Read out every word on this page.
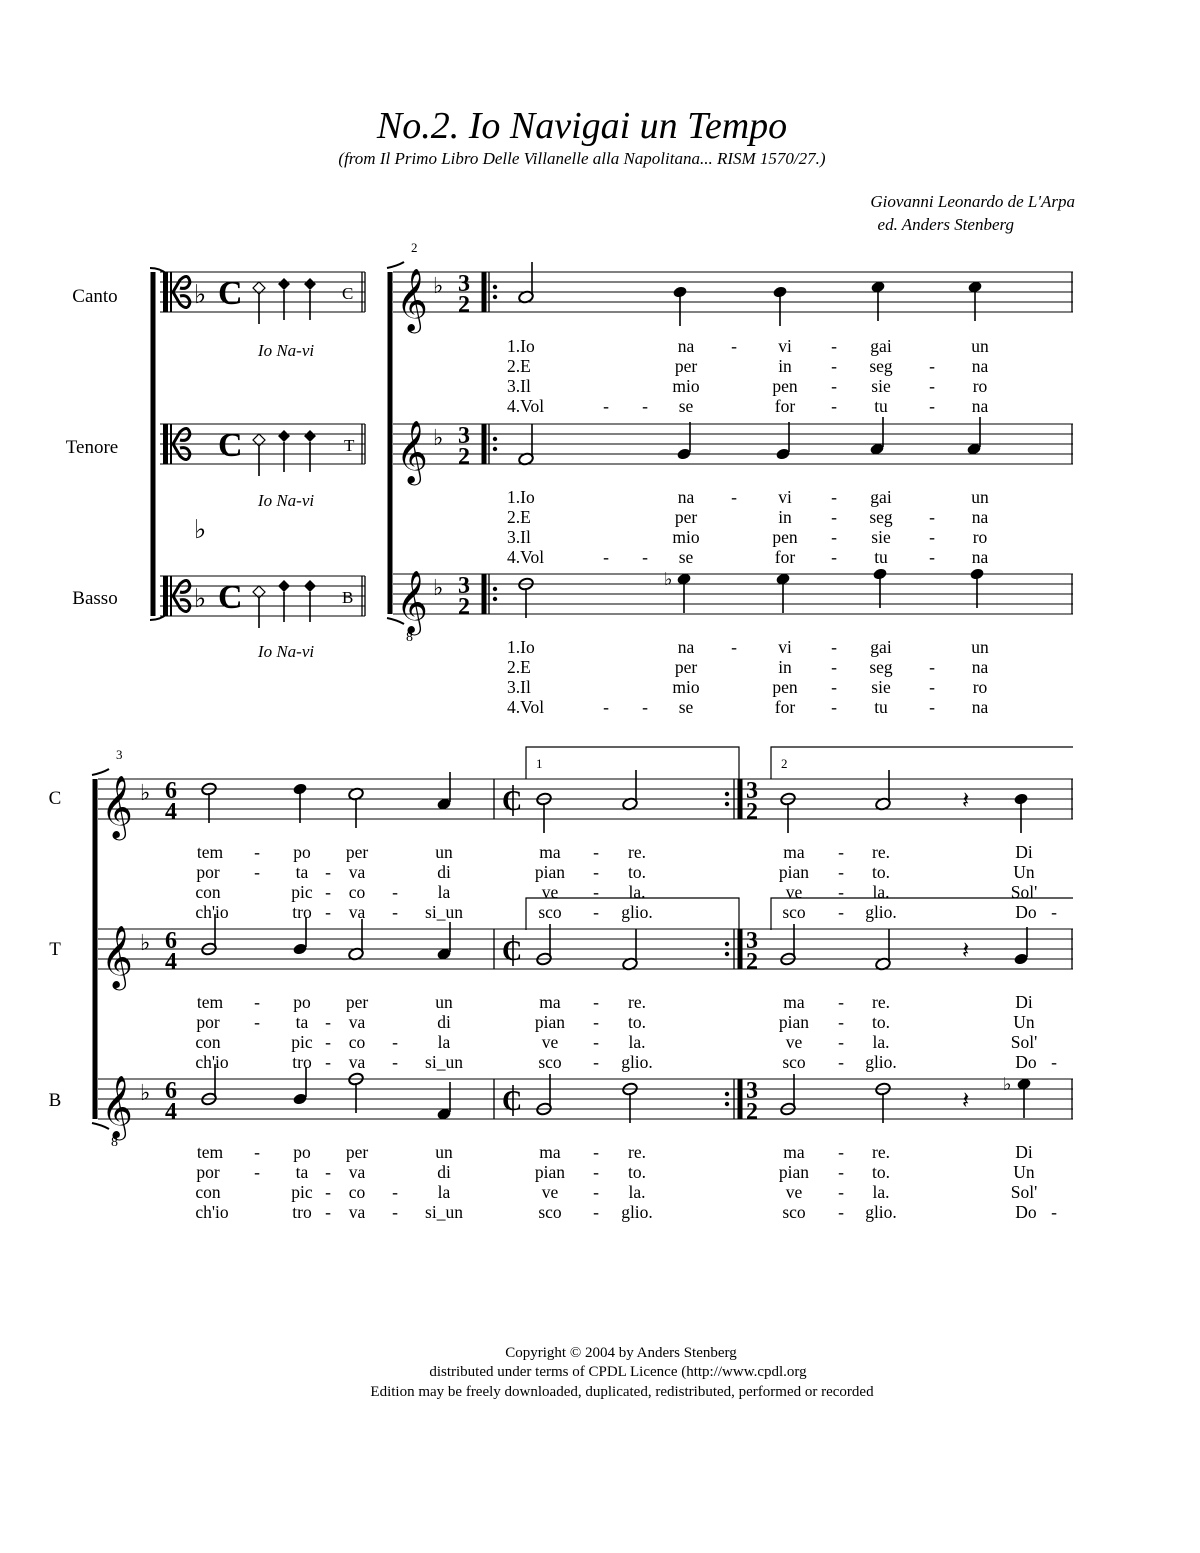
No.2. Io Navigai un Tempo
(from Il Primo Libro Delle Villanelle alla Napolitana... RISM 1570/27.)
Giovanni Leonardo de L'Arpa
ed. Anders Stenberg
Canto
Tenore
Basso
♭
♭
♭
C
C
C
C
T
B
Io Na-vi
Io Na-vi
Io Na-vi
2
𝄞
𝄞
𝄞
8
♭
♭
♭
3
2
3
2
3
2
♭
1.Io	na - vi - gai	un
2.E	per	in - seg - na
3.Il	mio	pen - sie - ro
4.Vol	- - se	for - tu - na
1.Io	na - vi - gai	un
2.E	per	in - seg - na
3.Il	mio	pen - sie - ro
4.Vol	- - se	for - tu - na
1.Io	na - vi - gai	un
2.E	per	in - seg - na
3.Il	mio	pen - sie - ro
4.Vol	- - se	for - tu - na
C
T
B
3
𝄞
𝄞
𝄞
8
♭
♭
♭
6
4
6
4
6
4
1	2
C
C
C
3
2
3
2
3
2
𝄽
𝄽
𝄽
♭
tem - po per	un	ma - re.	ma - re.	Di
por - ta - va	di	pian - to.	pian - to.	Un
con	pic - co - la	ve - la.	ve - la.	Sol'
ch'io	tro - va - si_un	sco - glio.	sco - glio.	Do -
tem - po per	un	ma - re.	ma - re.	Di
por - ta - va	di	pian - to.	pian - to.	Un
con	pic - co - la	ve - la.	ve - la.	Sol'
ch'io	tro - va - si_un	sco - glio.	sco - glio.	Do -
tem - po per	un	ma - re.	ma - re.	Di
por - ta - va	di	pian - to.	pian - to.	Un
con	pic - co - la	ve - la.	ve - la.	Sol'
ch'io	tro - va - si_un	sco - glio.	sco - glio.	Do -
Copyright © 2004 by Anders Stenberg
distributed under terms of CPDL Licence (http://www.cpdl.org
Edition may be freely downloaded, duplicated, redistributed, performed or recorded
